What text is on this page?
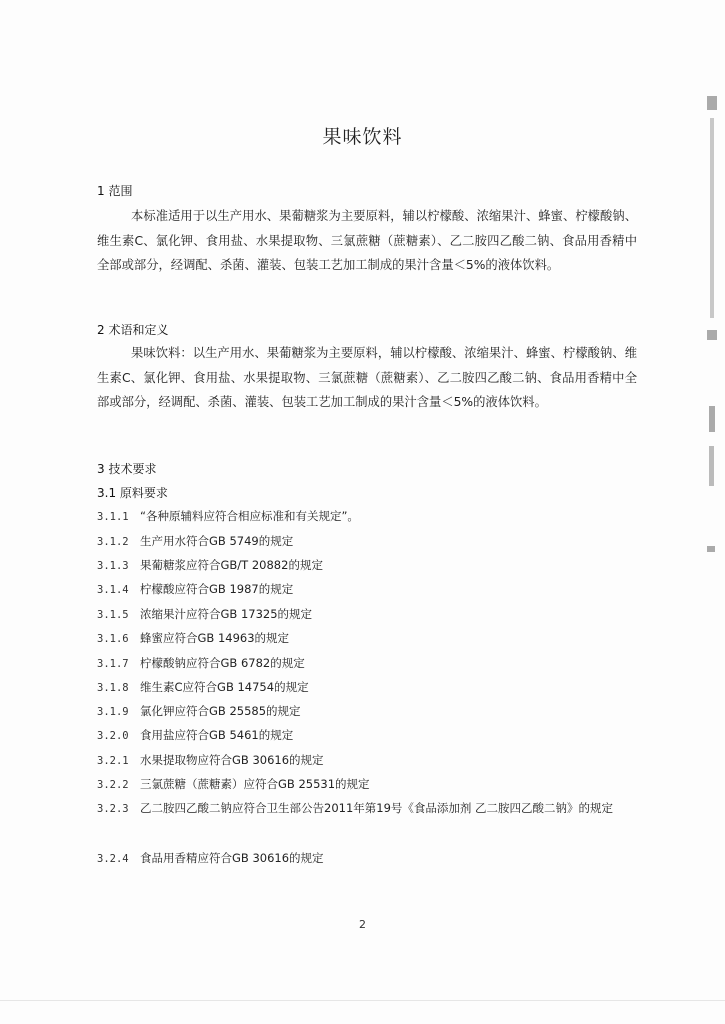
果味饮料
1 范围
本标准适用于以生产用水、果葡糖浆为主要原料，辅以柠檬酸、浓缩果汁、蜂蜜、柠檬酸钠、维生素C、氯化钾、食用盐、水果提取物、三氯蔗糖（蔗糖素）、乙二胺四乙酸二钠、食品用香精中全部或部分，经调配、杀菌、灌装、包装工艺加工制成的果汁含量＜5%的液体饮料。
2 术语和定义
果味饮料：以生产用水、果葡糖浆为主要原料，辅以柠檬酸、浓缩果汁、蜂蜜、柠檬酸钠、维生素C、氯化钾、食用盐、水果提取物、三氯蔗糖（蔗糖素）、乙二胺四乙酸二钠、食品用香精中全部或部分，经调配、杀菌、灌装、包装工艺加工制成的果汁含量＜5%的液体饮料。
3 技术要求
3.1 原料要求
3.1.1 “各种原辅料应符合相应标准和有关规定”。
3.1.2 生产用水符合GB 5749的规定
3.1.3 果葡糖浆应符合GB/T 20882的规定
3.1.4 柠檬酸应符合GB 1987的规定
3.1.5 浓缩果汁应符合GB 17325的规定
3.1.6 蜂蜜应符合GB 14963的规定
3.1.7 柠檬酸钠应符合GB 6782的规定
3.1.8 维生素C应符合GB 14754的规定
3.1.9 氯化钾应符合GB 25585的规定
3.2.0 食用盐应符合GB 5461的规定
3.2.1 水果提取物应符合GB 30616的规定
3.2.2 三氯蔗糖（蔗糖素）应符合GB 25531的规定
3.2.3 乙二胺四乙酸二钠应符合卫生部公告2011年第19号《食品添加剂 乙二胺四乙酸二钠》的规定
3.2.4 食品用香精应符合GB 30616的规定
2
